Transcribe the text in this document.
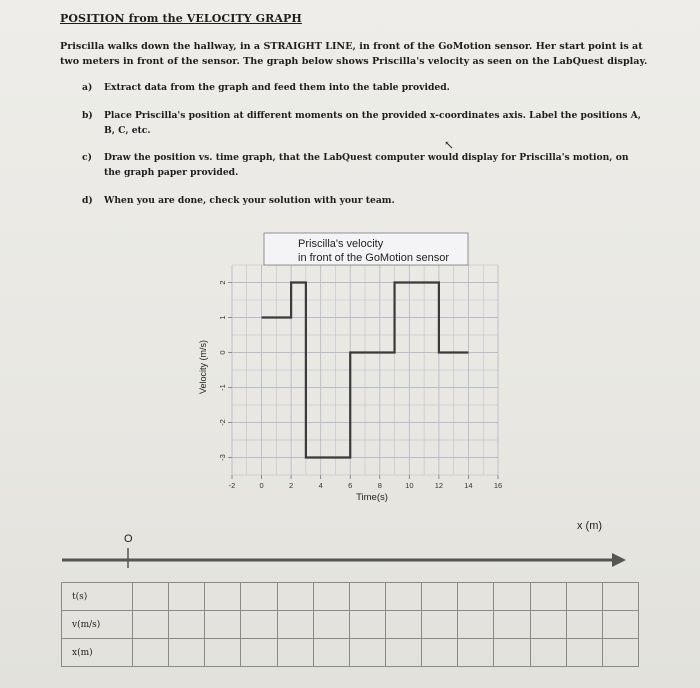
POSITION from the VELOCITY GRAPH
Priscilla walks down the hallway, in a STRAIGHT LINE, in front of the GoMotion sensor. Her start point is at two meters in front of the sensor. The graph below shows Priscilla's velocity as seen on the LabQuest display.
a)	Extract data from the graph and feed them into the table provided.
b)	Place Priscilla's position at different moments on the provided x-coordinates axis. Label the positions A, B, C, etc.
c)	Draw the position vs. time graph, that the LabQuest computer would display for Priscilla's motion, on the graph paper provided.
d)	When you are done, check your solution with your team.
↖
-2	0	2	4	6	8	10	12	14	16
2
1
0
-1
-2
-3
Priscilla's velocity
in front of the GoMotion sensor
Time(s)
Velocity (m/s)
O
x (m)
t(s)														
v(m/s)														
x(m)														
